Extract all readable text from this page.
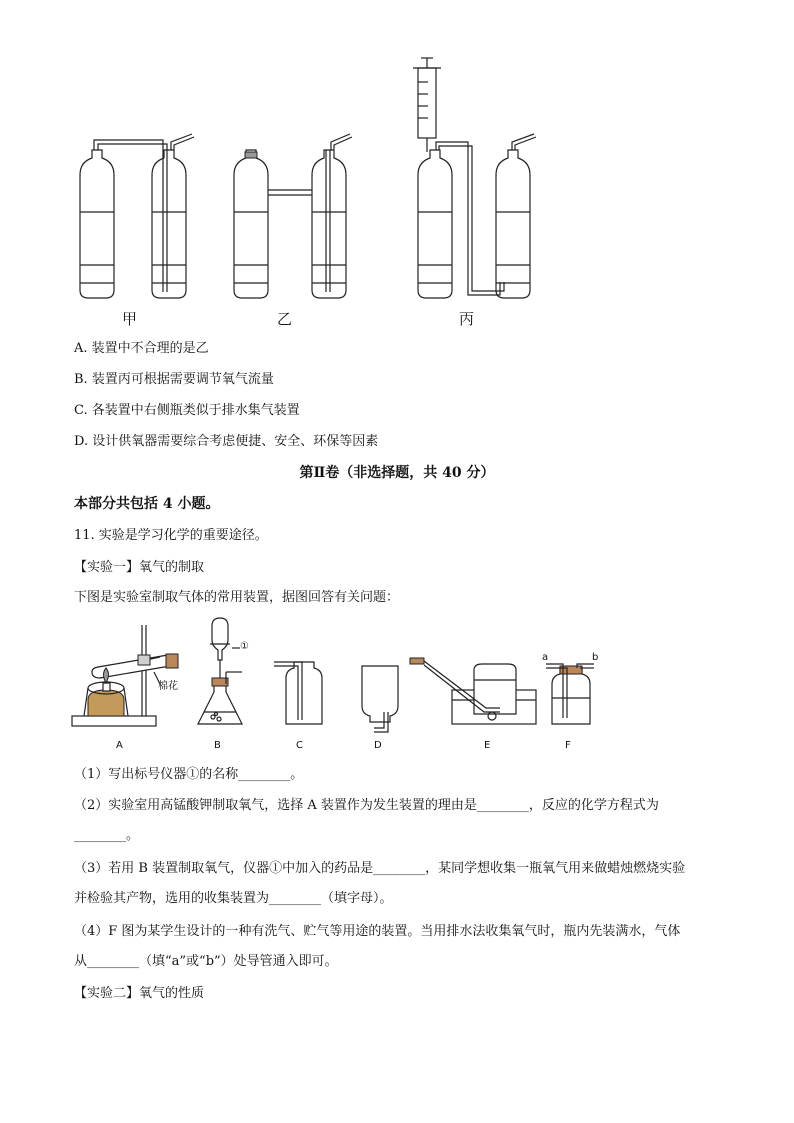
甲	乙	丙
A. 装置中不合理的是乙
B. 装置丙可根据需要调节氧气流量
C. 各装置中右侧瓶类似于排水集气装置
D. 设计供氧器需要综合考虑便捷、安全、环保等因素
第Ⅱ卷（非选择题，共 40 分）
本部分共包括 4 小题。
11. 实验是学习化学的重要途径。
【实验一】氧气的制取
下图是实验室制取气体的常用装置，据图回答有关问题：
棉花
①
a	b
A	B	C	D	E	F
（1）写出标号仪器①的名称________。
（2）实验室用高锰酸钾制取氧气，选择 A 装置作为发生装置的理由是________，反应的化学方程式为
________。
（3）若用 B 装置制取氧气，仪器①中加入的药品是________，某同学想收集一瓶氧气用来做蜡烛燃烧实验
并检验其产物，选用的收集装置为________（填字母）。
（4）F 图为某学生设计的一种有洗气、贮气等用途的装置。当用排水法收集氧气时，瓶内先装满水，气体
从________（填“a”或“b”）处导管通入即可。
【实验二】氧气的性质
